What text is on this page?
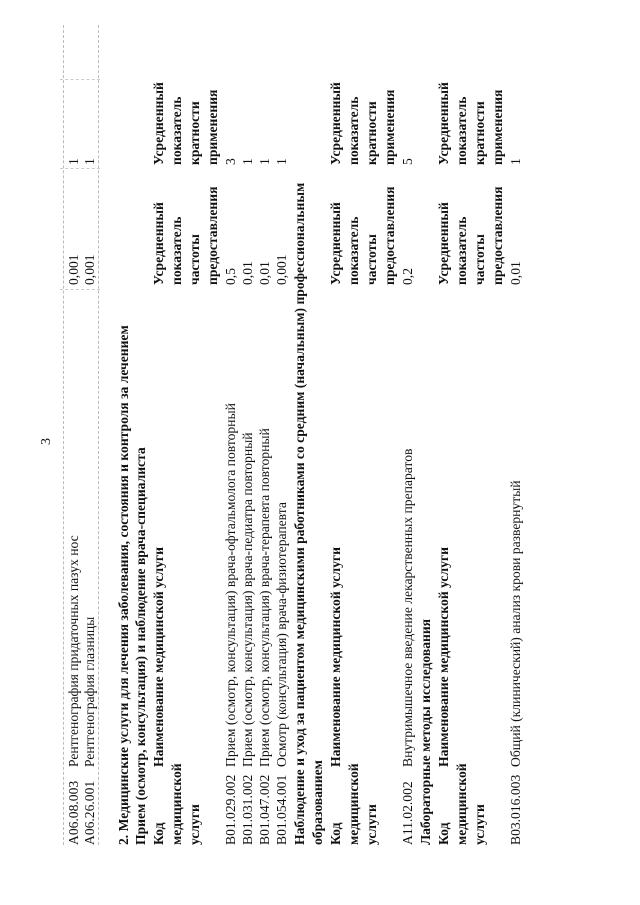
3
A06.08.003
Рентгенография придаточных пазух нос
0,001
1
A06.26.001
Рентгенография глазницы
0,001
1
2. Медицинские услуги для лечения заболевания, состояния и контроля за лечением Прием (осмотр, консультация) и наблюдение врача-специалиста Код
Наименование медицинской услуги
Усредненный
Усредненный
медицинской
показатель
показатель
услуги
частоты
кратности
предоставления
применения
B01.029.002
Прием (осмотр, консультация) врача-офтальмолога повторный
0,5
3
B01.031.002
Прием (осмотр, консультация) врача-педиатра повторный
0,01
1
B01.047.002
Прием (осмотр, консультация) врача-терапевта повторный
0,01
1
B01.054.001
Осмотр (консультация) врача-физиотерапевта
0,001
1
Наблюдение и уход за пациентом медицинскими работниками со средним (начальным) профессиональным образованием Код
Наименование медицинской услуги
Усредненный
Усредненный
медицинской
показатель
показатель
услуги
частоты
кратности
предоставления
применения
A11.02.002
Внутримышечное введение лекарственных препаратов
0,2
5
Лабораторные методы исследования Код
Наименование медицинской услуги
Усредненный
Усредненный
медицинской
показатель
показатель
услуги
частоты
кратности
предоставления
применения
B03.016.003
Общий (клинический) анализ крови развернутый
0,01
1
